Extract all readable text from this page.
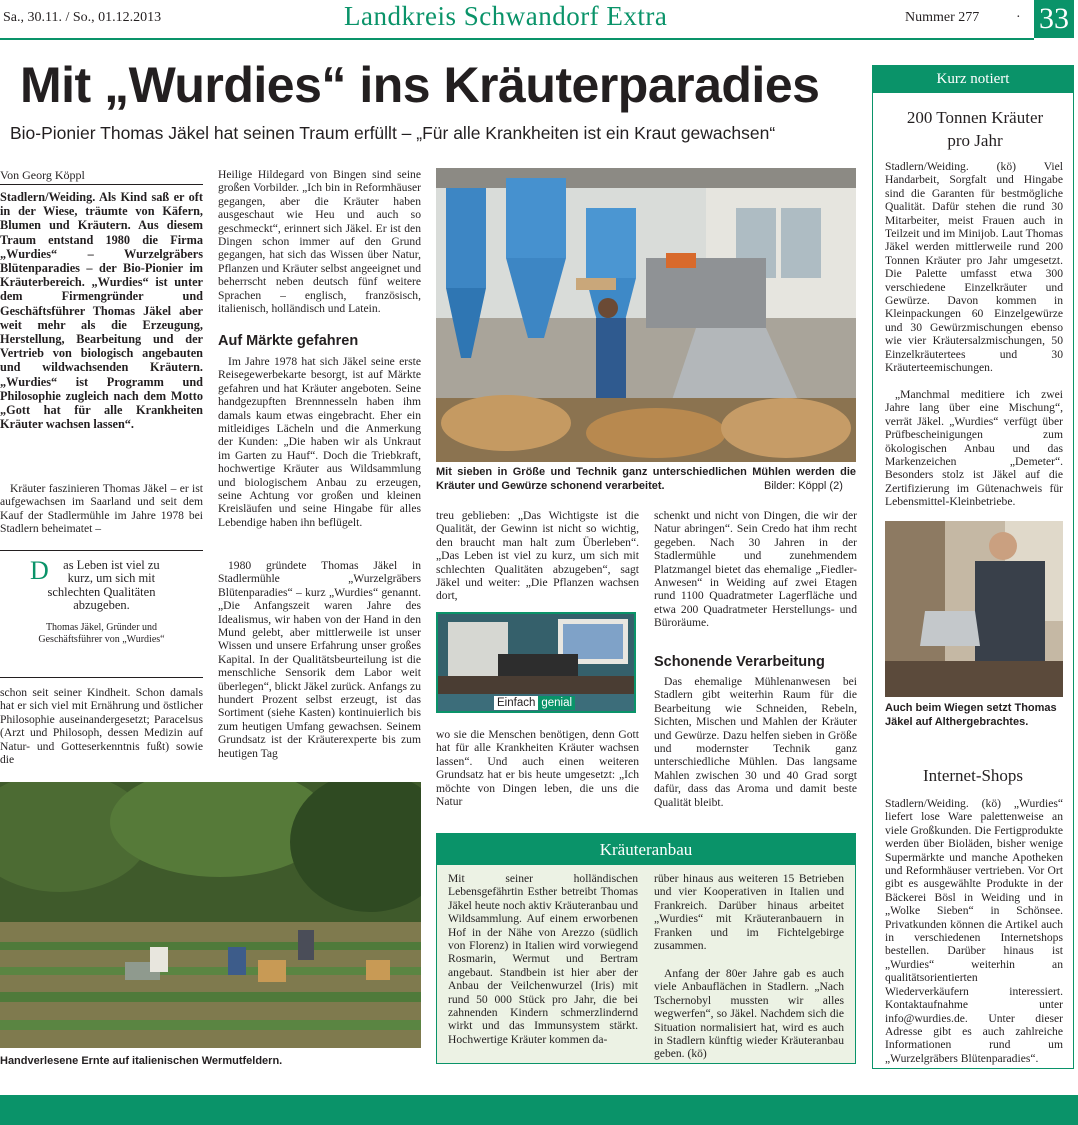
Sa., 30.11. / So., 01.12.2013	Landkreis Schwandorf Extra	Nummer 277	· 33
Mit „Wurdies“ ins Kräuterparadies
Bio-Pionier Thomas Jäkel hat seinen Traum erfüllt – „Für alle Krankheiten ist ein Kraut gewachsen“
Von Georg Köppl
Stadlern/Weiding. Als Kind saß er oft in der Wiese, träumte von Käfern, Blumen und Kräutern. Aus diesem Traum entstand 1980 die Firma „Wurdies“ – Wurzelgräbers Blütenparadies – der Bio-Pionier im Kräuterbereich. „Wurdies“ ist unter dem Firmengründer und Geschäftsführer Thomas Jäkel aber weit mehr als die Erzeugung, Herstellung, Bearbeitung und der Vertrieb von biologisch angebauten und wildwachsenden Kräutern. „Wurdies“ ist Programm und Philosophie zugleich nach dem Motto „Gott hat für alle Krankheiten Kräuter wachsen lassen“.
Kräuter faszinieren Thomas Jäkel – er ist aufgewachsen im Saarland und seit dem Kauf der Stadlermühle im Jahre 1978 bei Stadlern beheimatet –
D as Leben ist viel zu kurz, um sich mit schlechten Qualitäten abzugeben.
Thomas Jäkel, Gründer und Geschäftsführer von „Wurdies“
schon seit seiner Kindheit. Schon damals hat er sich viel mit Ernährung und östlicher Philosophie auseinandergesetzt; Paracelsus (Arzt und Philosoph, dessen Medizin auf Natur- und Gotteserkenntnis fußt) sowie die
Heilige Hildegard von Bingen sind seine großen Vorbilder. „Ich bin in Reformhäuser gegangen, aber die Kräuter haben ausgeschaut wie Heu und auch so geschmeckt“, erinnert sich Jäkel. Er ist den Dingen schon immer auf den Grund gegangen, hat sich das Wissen über Natur, Pflanzen und Kräuter selbst angeeignet und beherrscht neben deutsch fünf weitere Sprachen – englisch, französisch, italienisch, holländisch und Latein.
Auf Märkte gefahren
Im Jahre 1978 hat sich Jäkel seine erste Reisegewerbekarte besorgt, ist auf Märkte gefahren und hat Kräuter angeboten. Seine handgezupften Brennnesseln haben ihm damals kaum etwas eingebracht. Eher ein mitleidiges Lächeln und die Anmerkung der Kunden: „Die haben wir als Unkraut im Garten zu Hauf“. Doch die Triebkraft, hochwertige Kräuter aus Wildsammlung und biologischem Anbau zu erzeugen, seine Achtung vor großen und kleinen Kreisläufen und seine Hingabe für alles Lebendige haben ihn beflügelt.
1980 gründete Thomas Jäkel in Stadlermühle „Wurzelgräbers Blütenparadies“ – kurz „Wurdies“ genannt. „Die Anfangszeit waren Jahre des Idealismus, wir haben von der Hand in den Mund gelebt, aber mittlerweile ist unser Wissen und unsere Erfahrung unser großes Kapital. In der Qualitätsbeurteilung ist die menschliche Sensorik dem Labor weit überlegen“, blickt Jäkel zurück. Anfangs zu hundert Prozent selbst erzeugt, ist das Sortiment (siehe Kasten) kontinuierlich bis zum heutigen Umfang gewachsen. Seinem Grundsatz ist der Kräuterexperte bis zum heutigen Tag
Mit sieben in Größe und Technik ganz unterschiedlichen Mühlen werden die Kräuter und Gewürze schonend verarbeitet.	Bilder: Köppl (2)
treu geblieben: „Das Wichtigste ist die Qualität, der Gewinn ist nicht so wichtig, den braucht man halt zum Überleben“. „Das Leben ist viel zu kurz, um sich mit schlechten Qualitäten abzugeben“, sagt Jäkel und weiter: „Die Pflanzen wachsen dort,
Einfach genial
wo sie die Menschen benötigen, denn Gott hat für alle Krankheiten Kräuter wachsen lassen“. Und auch einen weiteren Grundsatz hat er bis heute umgesetzt: „Ich möchte von Dingen leben, die uns die Natur
schenkt und nicht von Dingen, die wir der Natur abringen“. Sein Credo hat ihm recht gegeben. Nach 30 Jahren in der Stadlermühle und zunehmendem Platzmangel bietet das ehemalige „Fiedler-Anwesen“ in Weiding auf zwei Etagen rund 1100 Quadratmeter Lagerfläche und etwa 200 Quadratmeter Herstellungs- und Büroräume.
Schonende Verarbeitung
Das ehemalige Mühlenanwesen bei Stadlern gibt weiterhin Raum für die Bearbeitung wie Schneiden, Rebeln, Sichten, Mischen und Mahlen der Kräuter und Gewürze. Dazu helfen sieben in Größe und modernster Technik ganz unterschiedliche Mühlen. Das langsame Mahlen zwischen 30 und 40 Grad sorgt dafür, dass das Aroma und damit beste Qualität bleibt.
Handverlesene Ernte auf italienischen Wermutfeldern.
Kräuteranbau
Mit seiner holländischen Lebensgefährtin Esther betreibt Thomas Jäkel heute noch aktiv Kräuteranbau und Wildsammlung. Auf einem erworbenen Hof in der Nähe von Arezzo (südlich von Florenz) in Italien wird vorwiegend Rosmarin, Wermut und Bertram angebaut. Standbein ist hier aber der Anbau der Veilchenwurzel (Iris) mit rund 50 000 Stück pro Jahr, die bei zahnenden Kindern schmerzlindernd wirkt und das Immunsystem stärkt. Hochwertige Kräuter kommen da-
rüber hinaus aus weiteren 15 Betrieben und vier Kooperativen in Italien und Frankreich. Darüber hinaus arbeitet „Wurdies“ mit Kräuteranbauern in Franken und im Fichtelgebirge zusammen.
Anfang der 80er Jahre gab es auch viele Anbauflächen in Stadlern. „Nach Tschernobyl mussten wir alles wegwerfen“, so Jäkel. Nachdem sich die Situation normalisiert hat, wird es auch in Stadlern künftig wieder Kräuteranbau geben. (kö)
Kurz notiert
200 Tonnen Kräuter pro Jahr
Stadlern/Weiding. (kö) Viel Handarbeit, Sorgfalt und Hingabe sind die Garanten für bestmögliche Qualität. Dafür stehen die rund 30 Mitarbeiter, meist Frauen auch in Teilzeit und im Minijob. Laut Thomas Jäkel werden mittlerweile rund 200 Tonnen Kräuter pro Jahr umgesetzt. Die Palette umfasst etwa 300 verschiedene Einzelkräuter und Gewürze. Davon kommen in Kleinpackungen 60 Einzelgewürze und 30 Gewürzmischungen ebenso wie vier Kräutersalzmischungen, 50 Einzelkräutertees und 30 Kräuterteemischungen.
„Manchmal meditiere ich zwei Jahre lang über eine Mischung“, verrät Jäkel. „Wurdies“ verfügt über Prüfbescheinigungen zum ökologischen Anbau und das Markenzeichen „Demeter“. Besonders stolz ist Jäkel auf die Zertifizierung im Gütenachweis für Lebensmittel-Kleinbetriebe.
Auch beim Wiegen setzt Thomas Jäkel auf Althergebrachtes.
Internet-Shops
Stadlern/Weiding. (kö) „Wurdies“ liefert lose Ware palettenweise an viele Großkunden. Die Fertigprodukte werden über Bioläden, bisher wenige Supermärkte und manche Apotheken und Reformhäuser vertrieben. Vor Ort gibt es ausgewählte Produkte in der Bäckerei Bösl in Weiding und in „Wolke Sieben“ in Schönsee. Privatkunden können die Artikel auch in verschiedenen Internetshops bestellen. Darüber hinaus ist „Wurdies“ weiterhin an qualitätsorientierten Wiederverkäufern interessiert. Kontaktaufnahme unter info@wurdies.de. Unter dieser Adresse gibt es auch zahlreiche Informationen rund um „Wurzelgräbers Blütenparadies“.
